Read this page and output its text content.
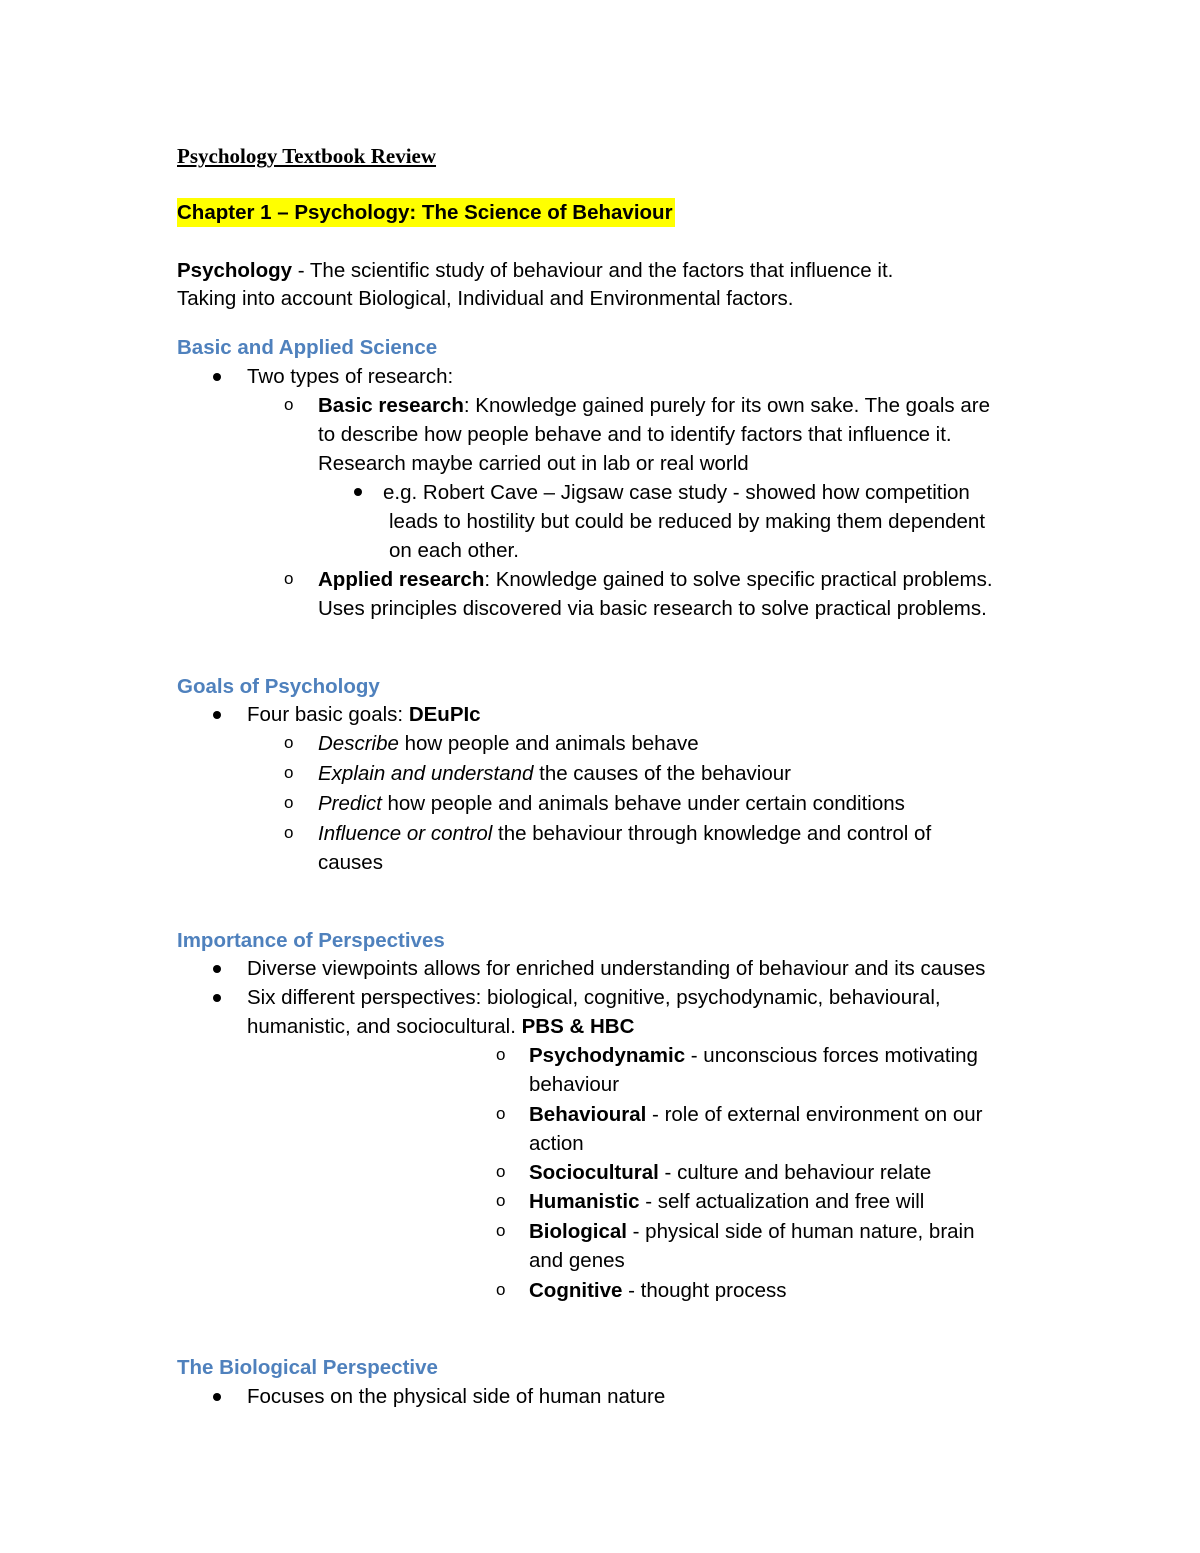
Psychology Textbook Review
Chapter 1 – Psychology: The Science of Behaviour
Psychology - The scientific study of behaviour and the factors that influence it.
Taking into account Biological, Individual and Environmental factors.
Basic and Applied Science
Two types of research:
o Basic research: Knowledge gained purely for its own sake. The goals are
to describe how people behave and to identify factors that influence it.
Research maybe carried out in lab or real world
e.g. Robert Cave – Jigsaw case study - showed how competition
leads to hostility but could be reduced by making them dependent
on each other.
o Applied research: Knowledge gained to solve specific practical problems.
Uses principles discovered via basic research to solve practical problems.
Goals of Psychology
Four basic goals: DEuPIc
o Describe how people and animals behave
o Explain and understand the causes of the behaviour
o Predict how people and animals behave under certain conditions
o Influence or control the behaviour through knowledge and control of
causes
Importance of Perspectives
Diverse viewpoints allows for enriched understanding of behaviour and its causes
Six different perspectives: biological, cognitive, psychodynamic, behavioural,
humanistic, and sociocultural. PBS & HBC
o Psychodynamic - unconscious forces motivating
behaviour
o Behavioural - role of external environment on our
action
o Sociocultural - culture and behaviour relate
o Humanistic - self actualization and free will
o Biological - physical side of human nature, brain
and genes
o Cognitive - thought process
The Biological Perspective
Focuses on the physical side of human nature
